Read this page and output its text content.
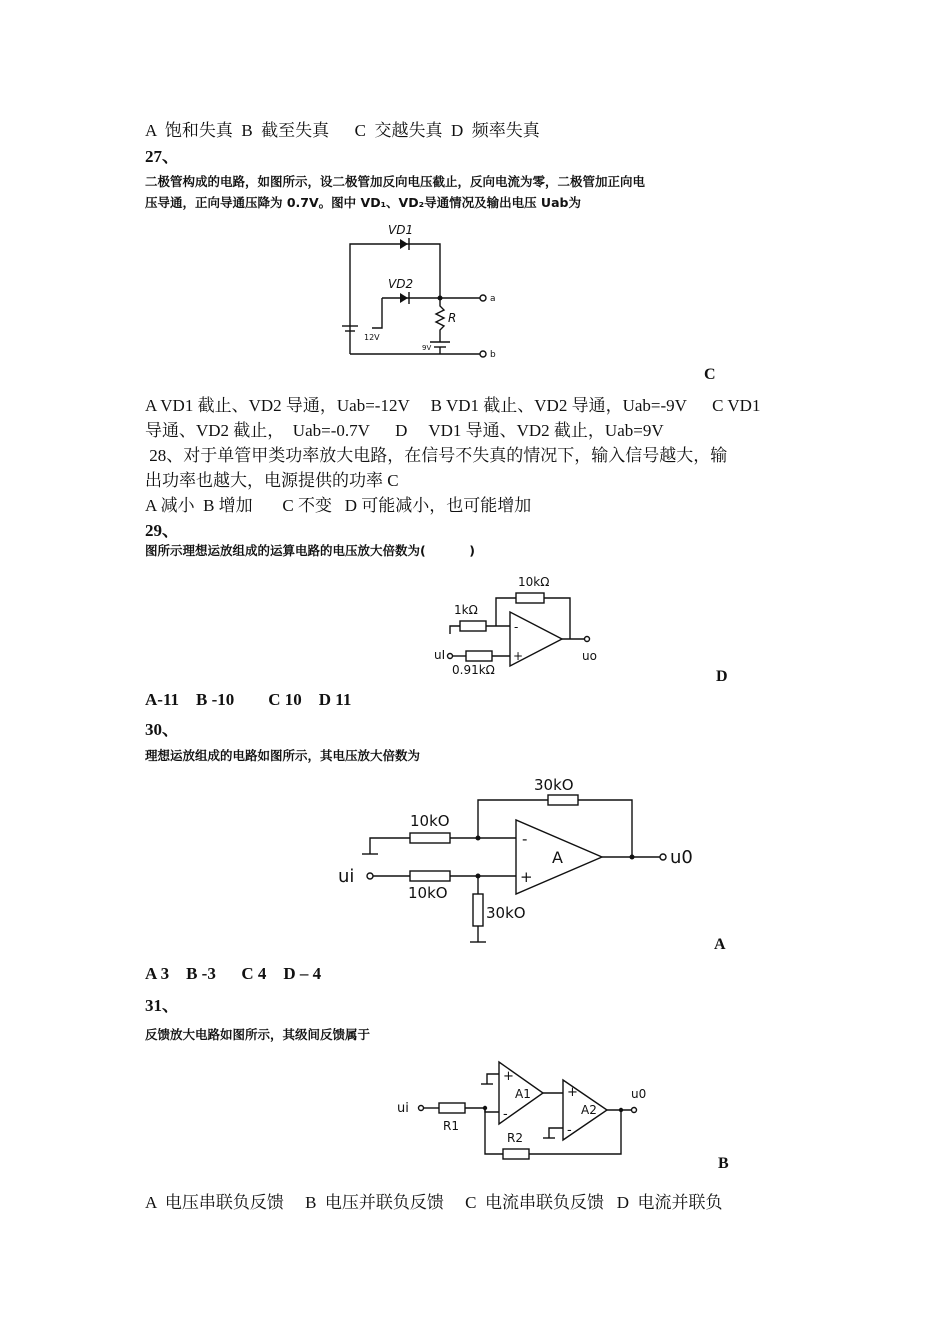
A  饱和失真  B  截至失真      C  交越失真  D  频率失真
27、
二极管构成的电路，如图所示，设二极管加反向电压截止，反向电流为零，二极管加正向电
压导通，正向导通压降为 0.7V。图中 VD₁、VD₂导通情况及输出电压 Uab为
VD1
VD2
12V
a
R
9V
b
C
A VD1 截止、VD2 导通，Uab=-12V     B VD1 截止、VD2 导通，Uab=-9V      C VD1
导通、VD2 截止，  Uab=-0.7V      D     VD1 导通、VD2 截止，Uab=9V
28、对于单管甲类功率放大电路，在信号不失真的情况下，输入信号越大，输
出功率也越大，电源提供的功率 C
A 减小  B 增加       C 不变   D 可能减小，也可能增加
29、
图所示理想运放组成的运算电路的电压放大倍数为(          )
-
+
10kΩ
1kΩ
uI
0.91kΩ
uo
D
A-11    B -10        C 10    D 11
30、
理想运放组成的电路如图所示，其电压放大倍数为
-
+
A
30kO
10kO
ui
10kO
30kO
u0
A
A 3    B -3      C 4    D – 4
31、
反馈放大电路如图所示，其级间反馈属于
+
-
A1	+
-
A2
ui
R1
R2
u0
B
A  电压串联负反馈     B  电压并联负反馈     C  电流串联负反馈   D  电流并联负
